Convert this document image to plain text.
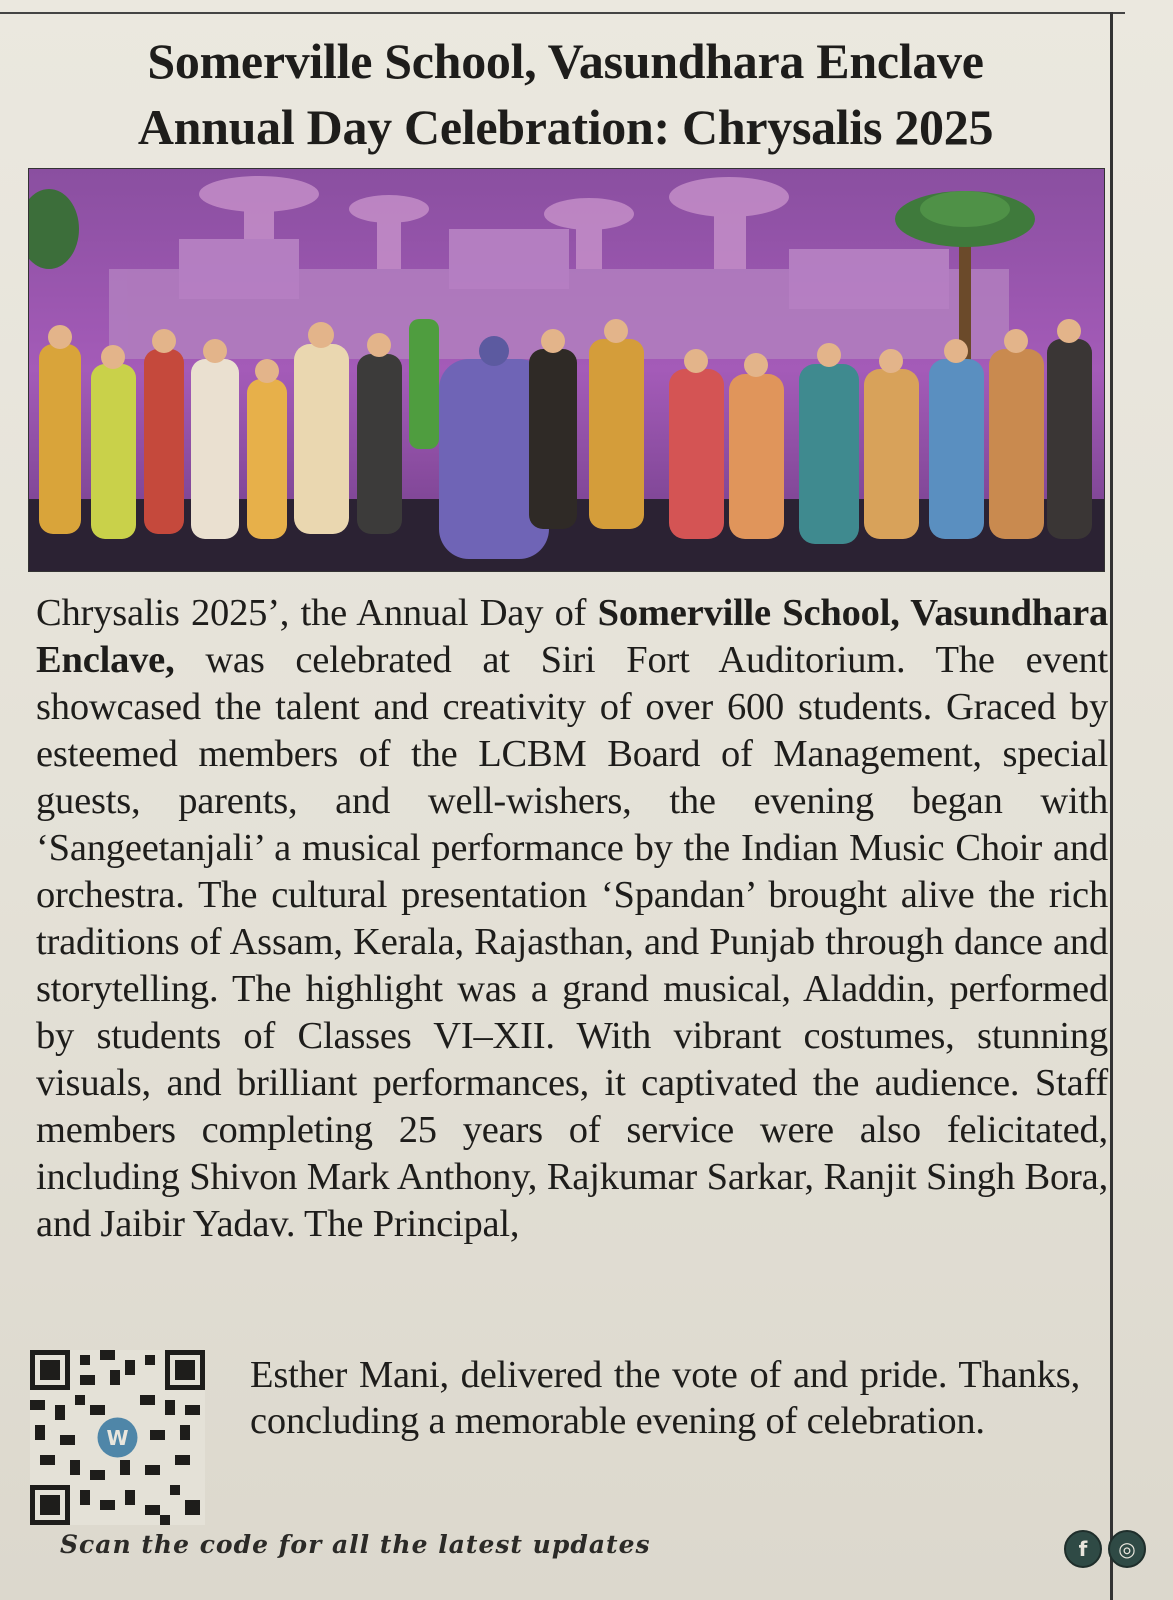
Somerville School, Vasundhara Enclave
Annual Day Celebration: Chrysalis 2025
Chrysalis 2025’, the Annual Day of Somerville School, Vasundhara Enclave, was celebrated at Siri Fort Auditorium. The event showcased the talent and creativity of over 600 students. Graced by esteemed members of the LCBM Board of Management, special guests, parents, and well-wishers, the evening began with ‘Sangeetanjali’ a musical performance by the Indian Music Choir and orchestra. The cultural presentation ‘Spandan’ brought alive the rich traditions of Assam, Kerala, Rajasthan, and Punjab through dance and storytelling. The highlight was a grand musical, Aladdin, performed by students of Classes VI–XII. With vibrant costumes, stunning visuals, and brilliant performances, it captivated the audience. Staff members completing 25 years of service were also felicitated, including Shivon Mark Anthony, Rajkumar Sarkar, Ranjit Singh Bora, and Jaibir Yadav. The Principal,
W
Esther Mani, delivered the vote of and pride. Thanks, concluding a memorable evening of celebration.
Scan the code for all the latest updates	f	◎
